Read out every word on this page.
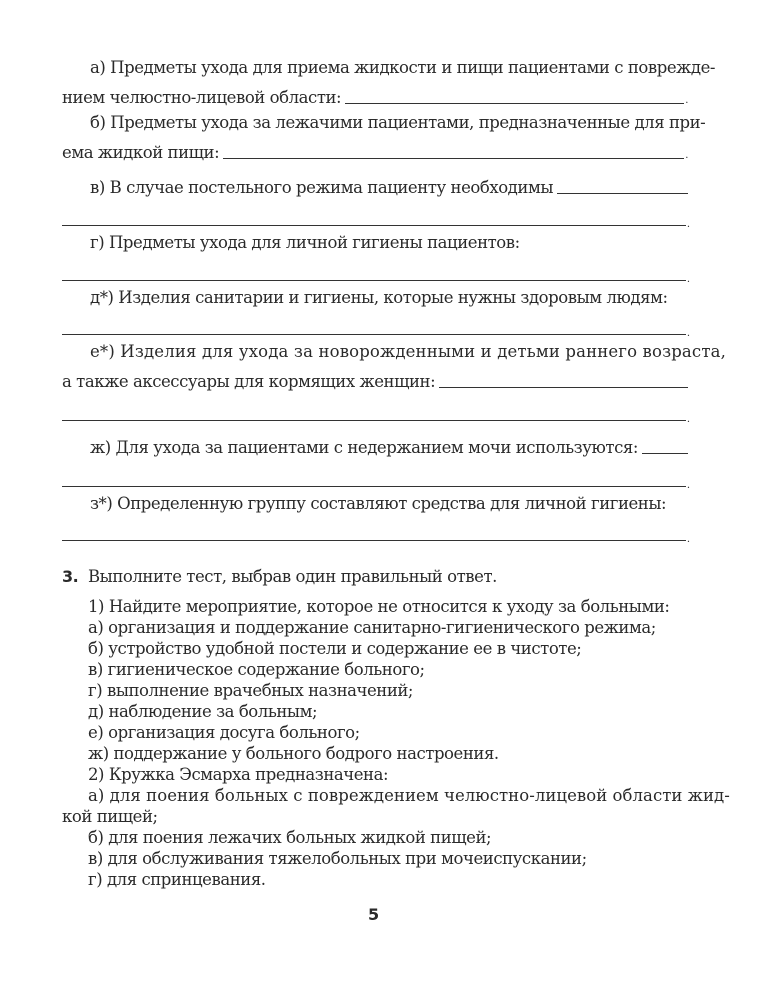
а) Предметы ухода для приема жидкости и пищи пациентами с поврежде-
нием челюстно-лицевой области:	.
б) Предметы ухода за лежачими пациентами, предназначенные для при-
ема жидкой пищи:	.
в) В случае постельного режима пациенту необходимы
.
г) Предметы ухода для личной гигиены пациентов:
.
д*) Изделия санитарии и гигиены, которые нужны здоровым людям:
.
е*) Изделия для ухода за новорожденными и детьми раннего возраста,
а также аксессуары для кормящих женщин:
.
ж) Для ухода за пациентами с недержанием мочи используются:
.
з*) Определенную группу составляют средства для личной гигиены:
.
3. Выполните тест, выбрав один правильный ответ.
1) Найдите мероприятие, которое не относится к уходу за больными:
а) организация и поддержание санитарно-гигиенического режима;
б) устройство удобной постели и содержание ее в чистоте;
в) гигиеническое содержание больного;
г) выполнение врачебных назначений;
д) наблюдение за больным;
е) организация досуга больного;
ж) поддержание у больного бодрого настроения.
2) Кружка Эсмарха предназначена:
а) для поения больных с повреждением челюстно-лицевой области жид-
кой пищей;
б) для поения лежачих больных жидкой пищей;
в) для обслуживания тяжелобольных при мочеиспускании;
г) для спринцевания.
5
